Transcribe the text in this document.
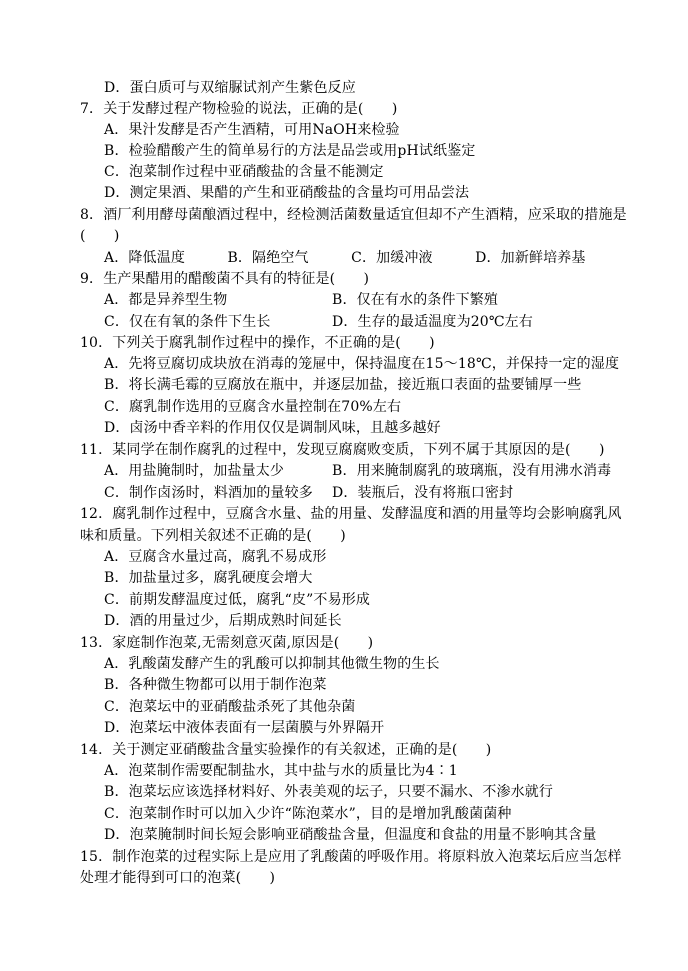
D．蛋白质可与双缩脲试剂产生紫色反应
7．关于发酵过程产物检验的说法，正确的是(　　)
A．果汁发酵是否产生酒精，可用NaOH来检验
B．检验醋酸产生的简单易行的方法是品尝或用pH试纸鉴定
C．泡菜制作过程中亚硝酸盐的含量不能测定
D．测定果酒、果醋的产生和亚硝酸盐的含量均可用品尝法
8．酒厂利用酵母菌酿酒过程中，经检测活菌数量适宜但却不产生酒精，应采取的措施是
(　　)
A．降低温度　　　B．隔绝空气　　　C．加缓冲液　　　D．加新鲜培养基
9．生产果醋用的醋酸菌不具有的特征是(　　)
A．都是异养型生物	B．仅在有水的条件下繁殖
C．仅在有氧的条件下生长	D．生存的最适温度为20℃左右
10．下列关于腐乳制作过程中的操作，不正确的是(　　)
A．先将豆腐切成块放在消毒的笼屉中，保持温度在15～18℃，并保持一定的湿度
B．将长满毛霉的豆腐放在瓶中，并逐层加盐，接近瓶口表面的盐要铺厚一些
C．腐乳制作选用的豆腐含水量控制在70%左右
D．卤汤中香辛料的作用仅仅是调制风味，且越多越好
11．某同学在制作腐乳的过程中，发现豆腐腐败变质，下列不属于其原因的是(　　)
A．用盐腌制时，加盐量太少	B．用来腌制腐乳的玻璃瓶，没有用沸水消毒
C．制作卤汤时，料酒加的量较多 D．装瓶后，没有将瓶口密封
12．腐乳制作过程中，豆腐含水量、盐的用量、发酵温度和酒的用量等均会影响腐乳风
味和质量。下列相关叙述不正确的是(　　)
A．豆腐含水量过高，腐乳不易成形
B．加盐量过多，腐乳硬度会增大
C．前期发酵温度过低，腐乳“皮”不易形成
D．酒的用量过少，后期成熟时间延长
13．家庭制作泡菜,无需刻意灭菌,原因是(　　)
A．乳酸菌发酵产生的乳酸可以抑制其他微生物的生长
B．各种微生物都可以用于制作泡菜
C．泡菜坛中的亚硝酸盐杀死了其他杂菌
D．泡菜坛中液体表面有一层菌膜与外界隔开
14．关于测定亚硝酸盐含量实验操作的有关叙述，正确的是(　　)
A．泡菜制作需要配制盐水，其中盐与水的质量比为4∶1
B．泡菜坛应该选择材料好、外表美观的坛子，只要不漏水、不渗水就行
C．泡菜制作时可以加入少许“陈泡菜水”，目的是增加乳酸菌菌种
D．泡菜腌制时间长短会影响亚硝酸盐含量，但温度和食盐的用量不影响其含量
15．制作泡菜的过程实际上是应用了乳酸菌的呼吸作用。将原料放入泡菜坛后应当怎样
处理才能得到可口的泡菜(　　)
